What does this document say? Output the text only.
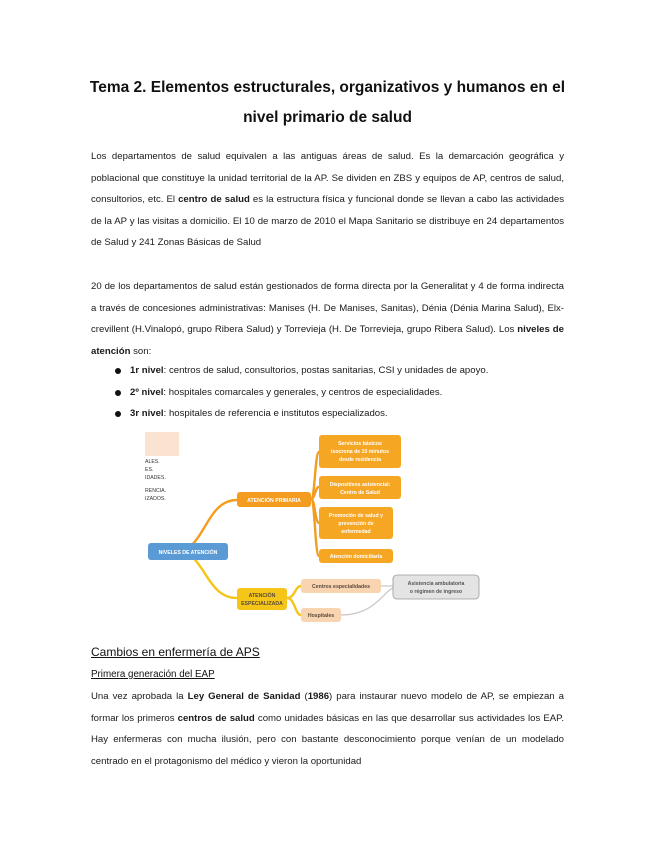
Tema 2. Elementos estructurales, organizativos y humanos en el
nivel primario de salud
Los departamentos de salud equivalen a las antiguas áreas de salud. Es la demarcación geográfica y poblacional que constituye la unidad territorial de la AP. Se dividen en ZBS y equipos de AP, centros de salud, consultorios, etc. El centro de salud es la estructura física y funcional donde se llevan a cabo las actividades de la AP y las visitas a domicilio. El 10 de marzo de 2010 el Mapa Sanitario se distribuye en 24 departamentos de Salud y 241 Zonas Básicas de Salud
20 de los departamentos de salud están gestionados de forma directa por la Generalitat y 4 de forma indirecta a través de concesiones administrativas: Manises (H. De Manises, Sanitas), Dénia (Dénia Marina Salud), Elx-crevillent (H.Vinalopó, grupo Ribera Salud) y Torrevieja (H. De Torrevieja, grupo Ribera Salud). Los niveles de atención son:
1r nivel: centros de salud, consultorios, postas sanitarias, CSI y unidades de apoyo.
2º nivel: hospitales comarcales y generales, y centros de especialidades.
3r nivel: hospitales de referencia e institutos especializados.
ALES.
ES.
IDADES.
RENCIA.
IZADOS.
NIVELES DE ATENCIÓN
ATENCIÓN PRIMARIA
Servicios básicos
isocrona de 15 minutos
desde residencia
Dispositivos asistencial:
Centro de Salud
Promoción de salud y
prevención de
enfermedad
Atención domiciliaria
ATENCIÓN
ESPECIALIZADA
Centros especialidades
Hospitales
Asistencia ambulatoria
o régimen de ingreso
Cambios en enfermería de APS
Primera generación del EAP
Una vez aprobada la Ley General de Sanidad (1986) para instaurar nuevo modelo de AP, se empiezan a formar los primeros centros de salud como unidades básicas en las que desarrollar sus actividades los EAP. Hay enfermeras con mucha ilusión, pero con bastante desconocimiento porque venían de un modelado centrado en el protagonismo del médico y vieron la oportunidad
